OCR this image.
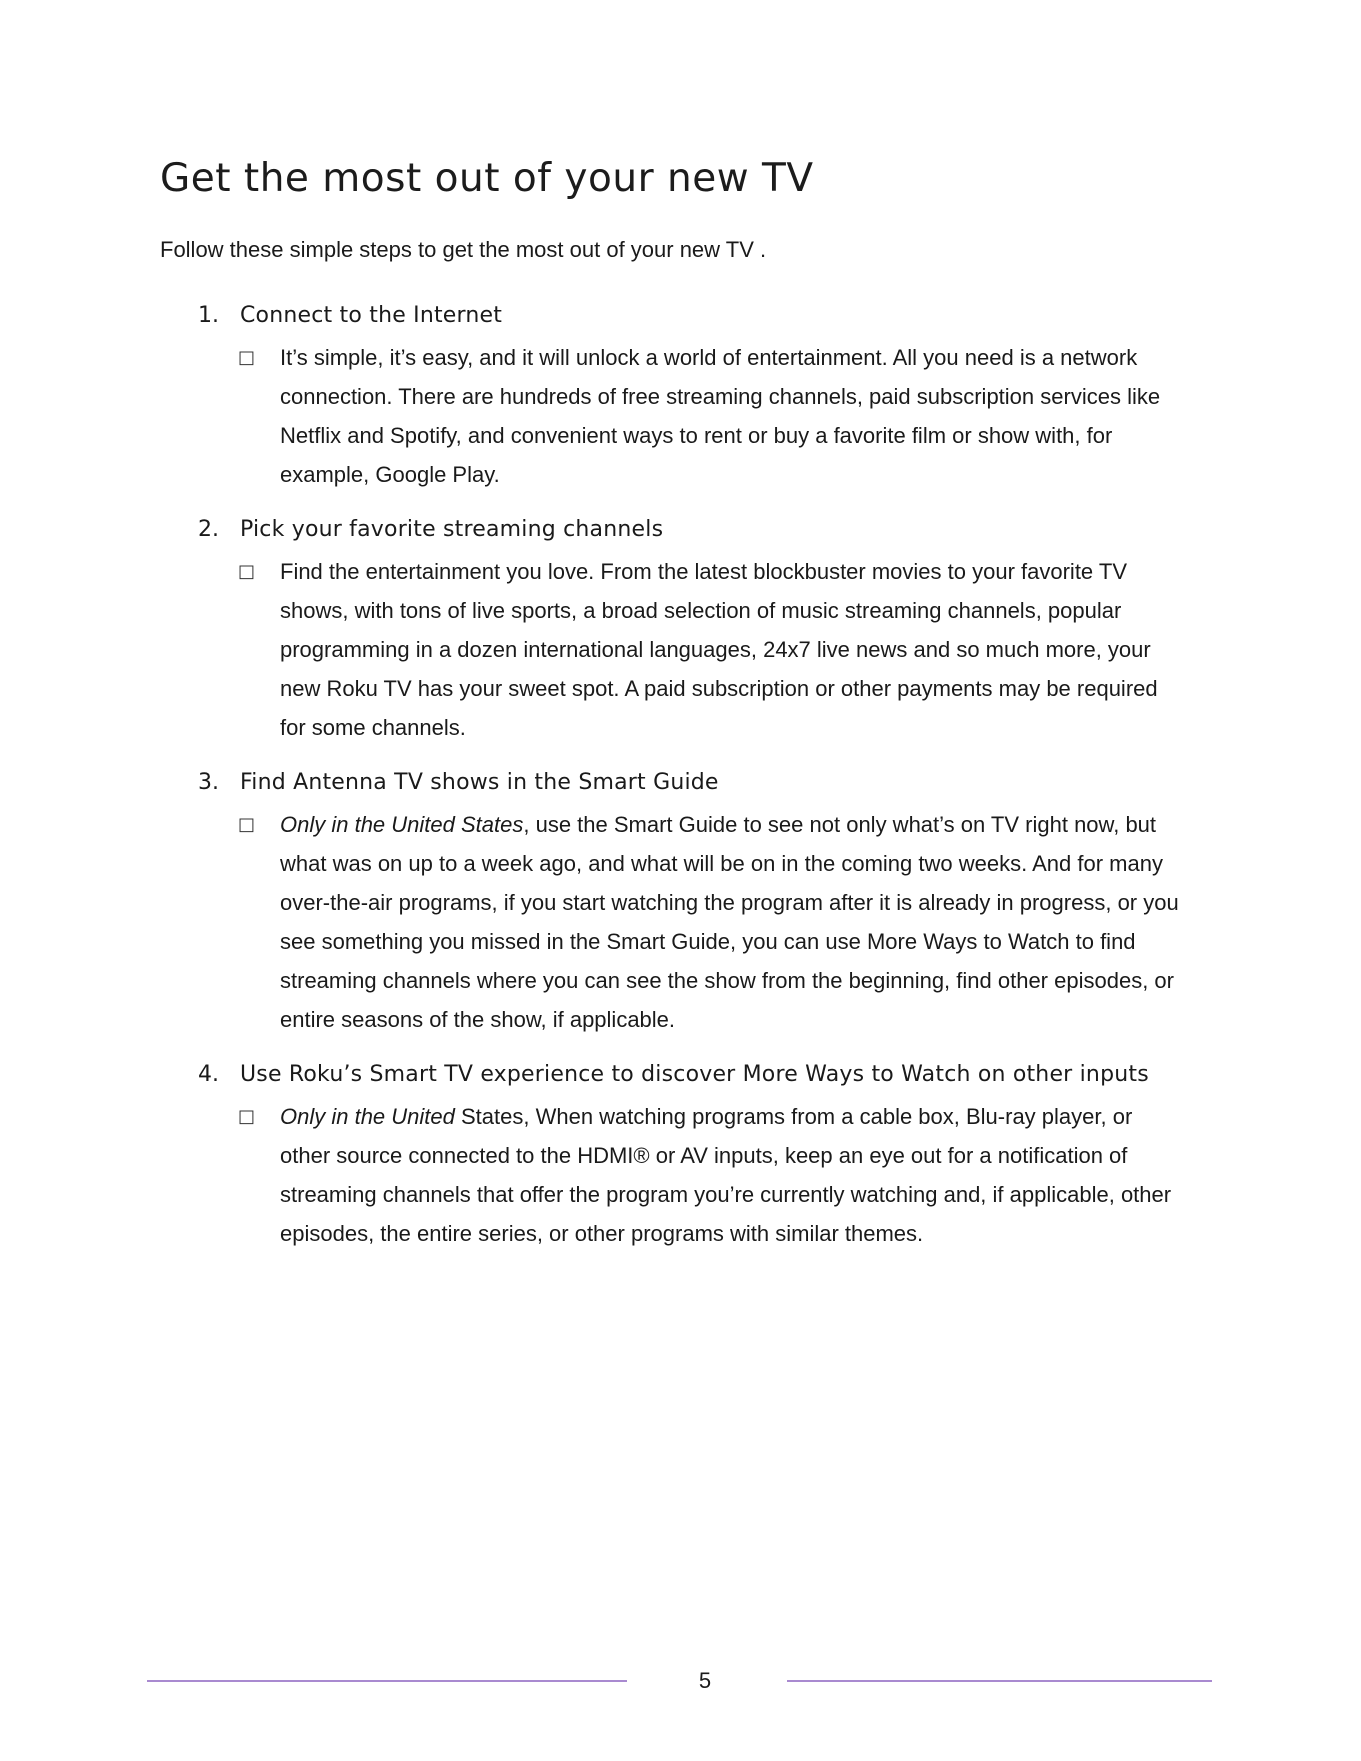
Get the most out of your new TV

Follow these simple steps to get the most out of your new TV .

1. Connect to the Internet
□ It’s simple, it’s easy, and it will unlock a world of entertainment. All you need is a network connection. There are hundreds of free streaming channels, paid subscription services like Netflix and Spotify, and convenient ways to rent or buy a favorite film or show with, for example, Google Play.
2. Pick your favorite streaming channels
□ Find the entertainment you love. From the latest blockbuster movies to your favorite TV shows, with tons of live sports, a broad selection of music streaming channels, popular programming in a dozen international languages, 24x7 live news and so much more, your new Roku TV has your sweet spot. A paid subscription or other payments may be required for some channels.
3. Find Antenna TV shows in the Smart Guide
□ Only in the United States, use the Smart Guide to see not only what’s on TV right now, but what was on up to a week ago, and what will be on in the coming two weeks. And for many over-the-air programs, if you start watching the program after it is already in progress, or you see something you missed in the Smart Guide, you can use More Ways to Watch to find streaming channels where you can see the show from the beginning, find other episodes, or entire seasons of the show, if applicable.
4. Use Roku’s Smart TV experience to discover More Ways to Watch on other inputs
□ Only in the United States, When watching programs from a cable box, Blu-ray player, or other source connected to the HDMI® or AV inputs, keep an eye out for a notification of streaming channels that offer the program you’re currently watching and, if applicable, other episodes, the entire series, or other programs with similar themes.
5
